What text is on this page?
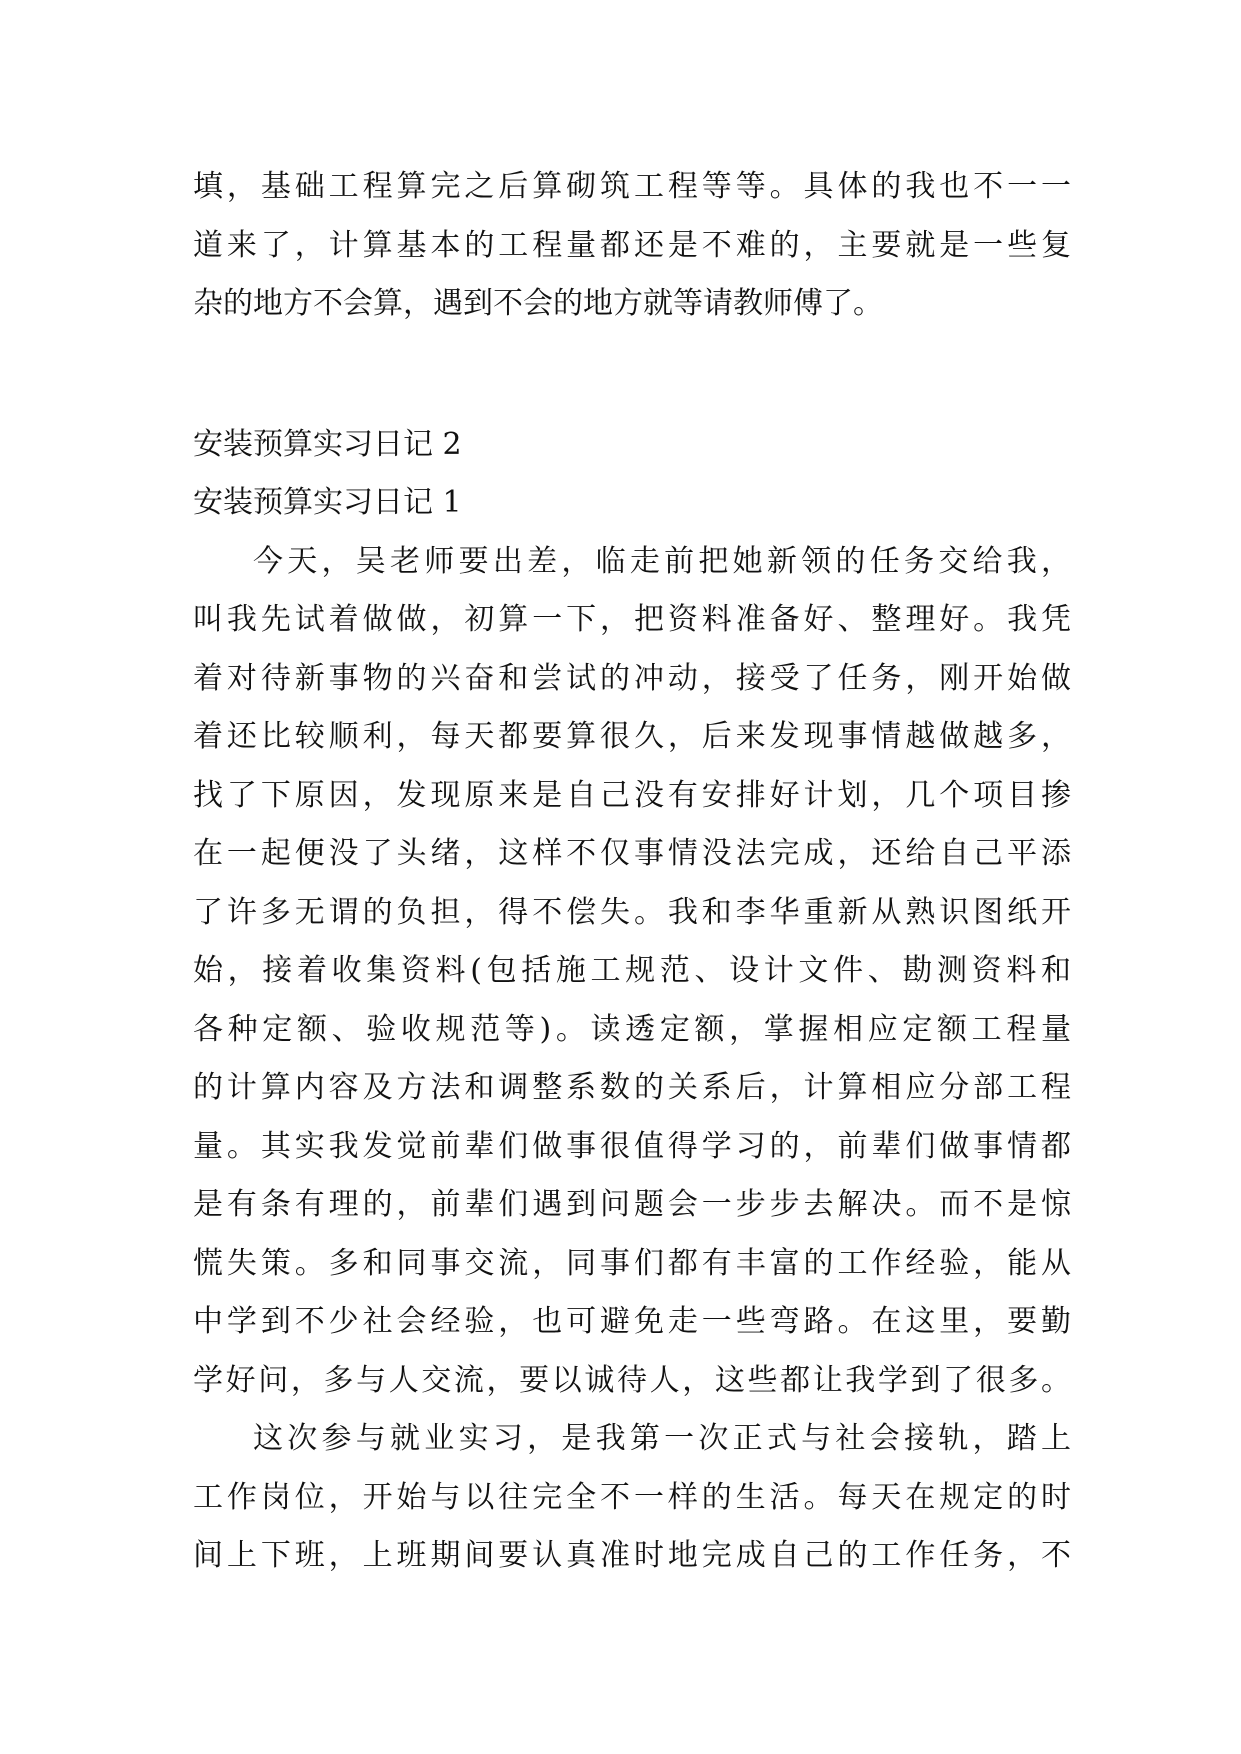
填，基础工程算完之后算砌筑工程等等。具体的我也不一一
道来了，计算基本的工程量都还是不难的，主要就是一些复
杂的地方不会算，遇到不会的地方就等请教师傅了。
安装预算实习日记 2
安装预算实习日记 1
今天，吴老师要出差，临走前把她新领的任务交给我，
叫我先试着做做，初算一下，把资料准备好、整理好。我凭
着对待新事物的兴奋和尝试的冲动，接受了任务，刚开始做
着还比较顺利，每天都要算很久，后来发现事情越做越多，
找了下原因，发现原来是自己没有安排好计划，几个项目掺
在一起便没了头绪，这样不仅事情没法完成，还给自己平添
了许多无谓的负担，得不偿失。我和李华重新从熟识图纸开
始，接着收集资料(包括施工规范、设计文件、勘测资料和
各种定额、验收规范等)。读透定额，掌握相应定额工程量
的计算内容及方法和调整系数的关系后，计算相应分部工程
量。其实我发觉前辈们做事很值得学习的，前辈们做事情都
是有条有理的，前辈们遇到问题会一步步去解决。而不是惊
慌失策。多和同事交流，同事们都有丰富的工作经验，能从
中学到不少社会经验，也可避免走一些弯路。在这里，要勤
学好问，多与人交流，要以诚待人，这些都让我学到了很多。
这次参与就业实习，是我第一次正式与社会接轨，踏上
工作岗位，开始与以往完全不一样的生活。每天在规定的时
间上下班，上班期间要认真准时地完成自己的工作任务，不
